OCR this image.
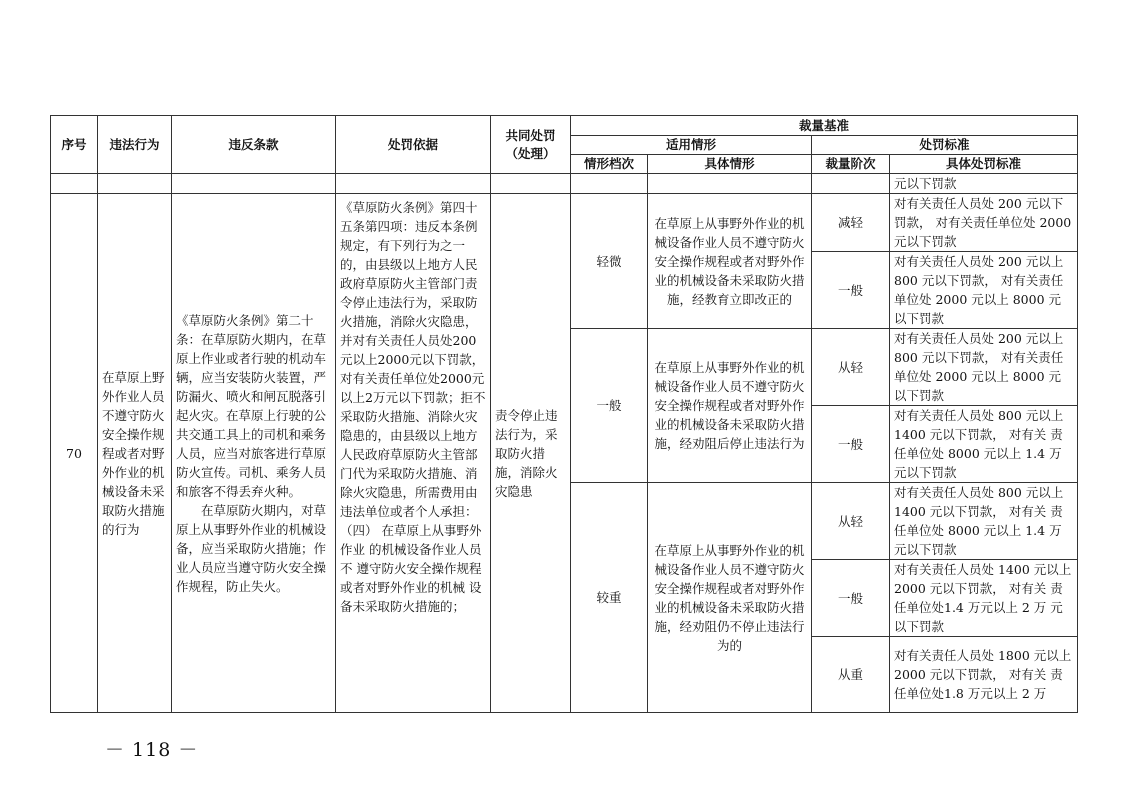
序号	违法行为	违反条款	处罚依据	共同处罚
（处理）	裁量基准			
					适用情形		处罚标准	
					情形档次	具体情形	裁量阶次	具体处罚标准
								元以下罚款
70	在草原上野外作业人员不遵守防火安全操作规程或者对野外作业的机械设备未采取防火措施的行为	《草原防火条例》第二十条：在草原防火期内，在草原上作业或者行驶的机动车辆，应当安装防火装置，严防漏火、喷火和闸瓦脱落引起火灾。在草原上行驶的公共交通工具上的司机和乘务人员，应当对旅客进行草原防火宣传。司机、乘务人员和旅客不得丢弃火种。
在草原防火期内，对草原上从事野外作业的机械设备，应当采取防火措施；作业人员应当遵守防火安全操作规程，防止失火。	《草原防火条例》第四十五条第四项：违反本条例规定，有下列行为之一的，由县级以上地方人民政府草原防火主管部门责令停止违法行为，采取防火措施，消除火灾隐患，并对有关责任人员处200元以上2000元以下罚款，对有关责任单位处2000元以上2万元以下罚款；拒不采取防火措施、消除火灾隐患的，由县级以上地方人民政府草原防火主管部门代为采取防火措施、消除火灾隐患，所需费用由违法单位或者个人承担：（四） 在草原上从事野外作业 的机械设备作业人员不 遵守防火安全操作规程 或者对野外作业的机械 设备未采取防火措施的；	责令停止违法行为，采取防火措施，消除火灾隐患	轻微	在草原上从事野外作业的机械设备作业人员不遵守防火安全操作规程或者对野外作业的机械设备未采取防火措施，经教育立即改正的	减轻	对有关责任人员处 200 元以下罚款， 对有关责任单位处 2000 元以下罚款
							一般	对有关责任人员处 200 元以上 800 元以下罚款， 对有关责任单位处 2000 元以上 8000 元以下罚款
					一般	在草原上从事野外作业的机械设备作业人员不遵守防火安全操作规程或者对野外作业的机械设备未采取防火措施，经劝阻后停止违法行为	从轻	对有关责任人员处 200 元以上 800 元以下罚款， 对有关责任单位处 2000 元以上 8000 元以下罚款
							一般	对有关责任人员处 800 元以上 1400 元以下罚款， 对有关 责任单位处 8000 元以上 1.4 万元以下罚款
					较重	在草原上从事野外作业的机械设备作业人员不遵守防火安全操作规程或者对野外作业的机械设备未采取防火措施，经劝阻仍不停止违法行为的	从轻	对有关责任人员处 800 元以上 1400 元以下罚款， 对有关 责任单位处 8000 元以上 1.4 万元以下罚款
							一般	对有关责任人员处 1400 元以上 2000 元以下罚款， 对有关 责任单位处1.4 万元以上 2 万 元以下罚款
							从重	对有关责任人员处 1800 元以上 2000 元以下罚款， 对有关 责任单位处1.8 万元以上 2 万
－ 118 －
